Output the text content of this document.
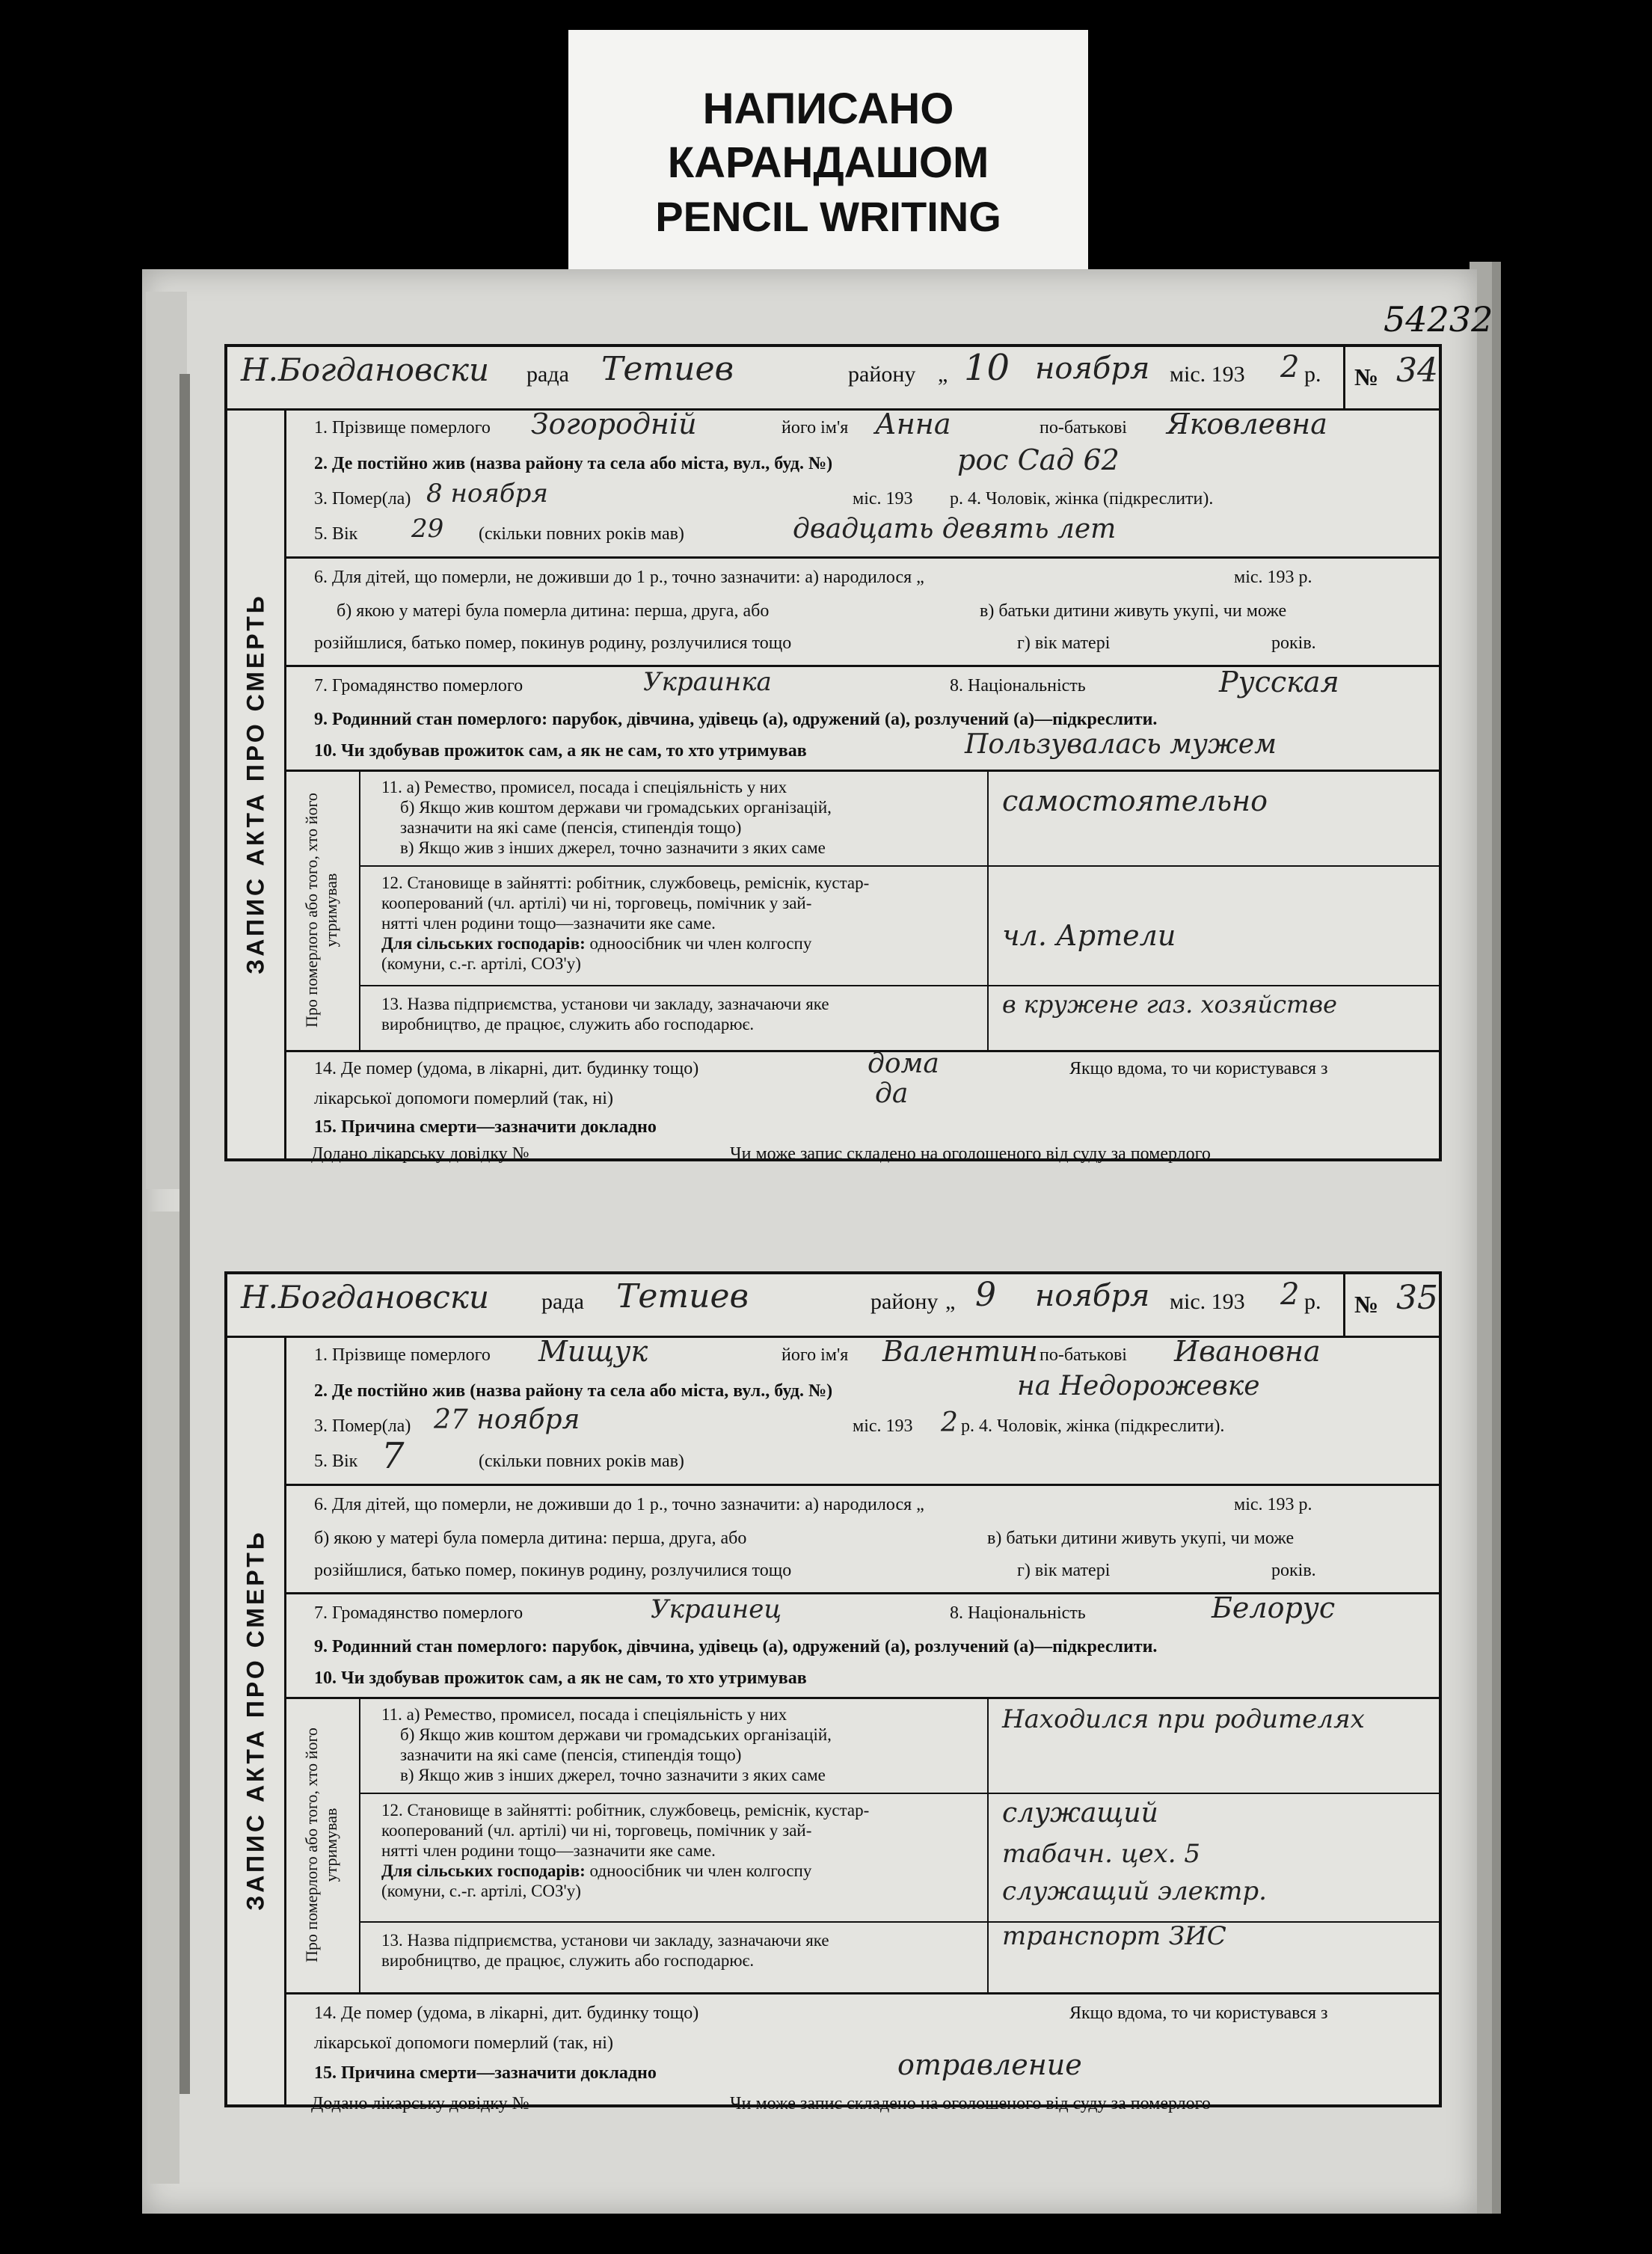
НАПИСАНО
КАРАНДАШОМ
PENCIL WRITING
54232
Н.Богдановски рада Тетиев	району „ 10 ноября міс. 193 2 р. № 34
ЗАПИС АКТА ПРО СМЕРТЬ
1. Прізвище померлого Зогородній	його ім'я Анна	по-батькові Яковлевна
2. Де постійно жив (назва району та села або міста, вул., буд. №)	рос Сад 62
3. Помер(ла) 8 ноября	міс. 193 р. 4. Чоловік, жінка (підкреслити).
5. Вік 29 (скільки повних років мав)	двадцать девять лет
6. Для дітей, що померли, не доживши до 1 р., точно зазначити: а) народилося „	міс. 193 р.
б) якою у матері була померла дитина: перша, друга, або	в) батьки дитини живуть укупі, чи може
розійшлися, батько помер, покинув родину, розлучилися тощо	г) вік матері	років.
7. Громадянство померлого	Украинка	8. Національність	Русская
9. Родинний стан померлого: парубок, дівчина, удівець (а), одружений (а), розлучений (а)—підкреслити.
10. Чи здобував прожиток сам, а як не сам, то хто утримував	Пользувалась мужем
Про померлого або того, хто його утримував
11. а) Ремество, промисел, посада і спеціяльність у них
б) Якщо жив коштом держави чи громадських організацій,
зазначити на які саме (пенсія, стипендія тощо)
в) Якщо жив з інших джерел, точно зазначити з яких саме
самостоятельно
12. Становище в зайнятті: робітник, службовець, реміснік, кустар-
кооперований (чл. артілі) чи ні, торговець, помічник у зай-
нятті член родини тощо—зазначити яке саме.
Для сільських господарів: одноосібник чи член колгоспу
(комуни, с.-г. артілі, СОЗ'у)
чл. Артели
13. Назва підприємства, установи чи закладу, зазначаючи яке
виробництво, де працює, служить або господарює.
в кружене газ. хозяйстве
14. Де помер (удома, в лікарні, дит. будинку тощо)	дома	Якщо вдома, то чи користувався з
лікарської допомоги померлий (так, ні)	да
15. Причина смерти—зазначити докладно
Додано лікарську довідку №	Чи може запис складено на оголошеного від суду за померлого
Н.Богдановски рада Тетиев	району „ 9 ноября міс. 193 2 р. № 35
ЗАПИС АКТА ПРО СМЕРТЬ
1. Прізвище померлого Мищук	його ім'я Валентин по-батькові Ивановна
2. Де постійно жив (назва району та села або міста, вул., буд. №)	на Недорожевке
3. Помер(ла) 27 ноября	міс. 193 2 р. 4. Чоловік, жінка (підкреслити).
5. Вік 7	(скільки повних років мав)
6. Для дітей, що померли, не доживши до 1 р., точно зазначити: а) народилося „	міс. 193 р.
б) якою у матері була померла дитина: перша, друга, або	в) батьки дитини живуть укупі, чи може
розійшлися, батько помер, покинув родину, розлучилися тощо	г) вік матері	років.
7. Громадянство померлого	Украинец	8. Національність	Белорус
9. Родинний стан померлого: парубок, дівчина, удівець (а), одружений (а), розлучений (а)—підкреслити.
10. Чи здобував прожиток сам, а як не сам, то хто утримував
Про померлого або того, хто його утримував
11. а) Ремество, промисел, посада і спеціяльність у них
б) Якщо жив коштом держави чи громадських організацій,
зазначити на які саме (пенсія, стипендія тощо)
в) Якщо жив з інших джерел, точно зазначити з яких саме
Находился при родителях
12. Становище в зайнятті: робітник, службовець, реміснік, кустар-
кооперований (чл. артілі) чи ні, торговець, помічник у зай-
нятті член родини тощо—зазначити яке саме.
Для сільських господарів: одноосібник чи член колгоспу
(комуни, с.-г. артілі, СОЗ'у)
служащий
табачн. цех. 5
служащий электр.
13. Назва підприємства, установи чи закладу, зазначаючи яке
виробництво, де працює, служить або господарює.
транспорт ЗИС
14. Де помер (удома, в лікарні, дит. будинку тощо)	Якщо вдома, то чи користувався з
лікарської допомоги померлий (так, ні)
15. Причина смерти—зазначити докладно	отравление
Додано лікарську довідку №	Чи може запис складено на оголошеного від суду за померлого
